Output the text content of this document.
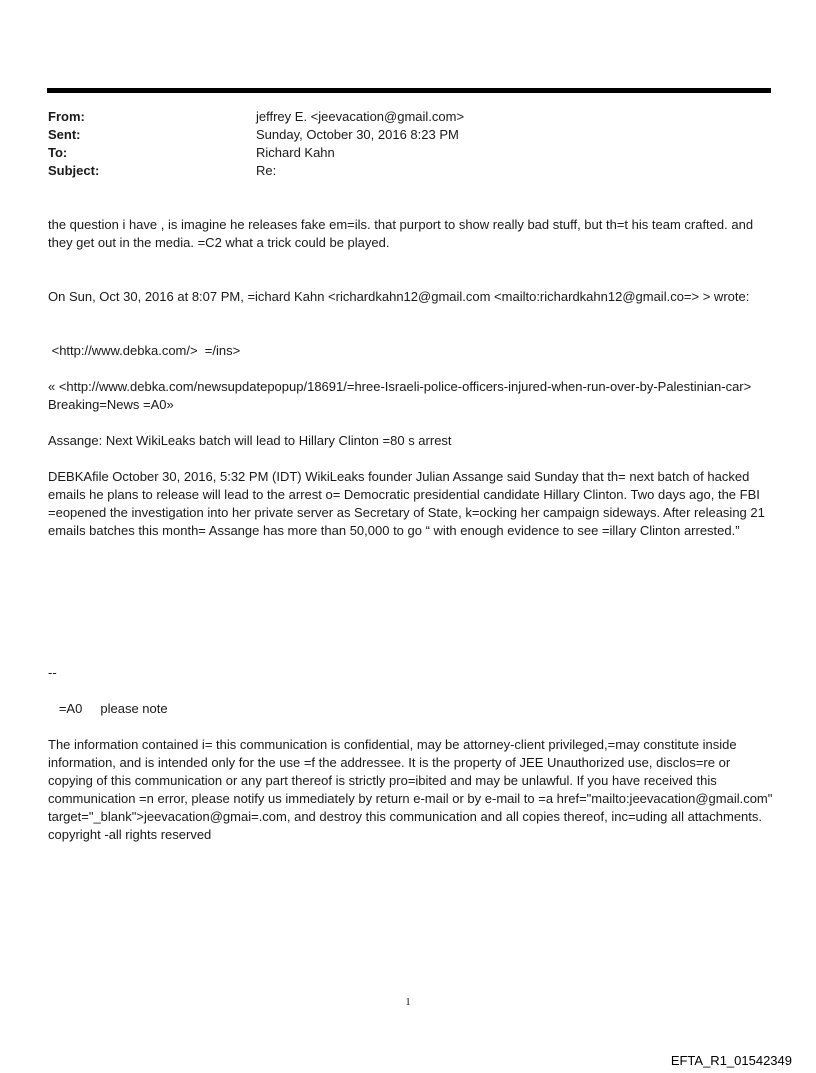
From:	jeffrey E. <jeevacation@gmail.com>
Sent:	Sunday, October 30, 2016 8:23 PM
To:	Richard Kahn
Subject:	Re:

the question i have , is imagine he releases fake em=ils. that purport to show really bad stuff, but th=t his team crafted. and they get out in the media. =C2 what a trick could be played.

On Sun, Oct 30, 2016 at 8:07 PM, =ichard Kahn <richardkahn12@gmail.com <mailto:richardkahn12@gmail.co=> > wrote:

<http://www.debka.com/>  =/ins>

« <http://www.debka.com/newsupdatepopup/18691/=hree-Israeli-police-officers-injured-when-run-over-by-Palestinian-car> Breaking=News =A0»

Assange: Next WikiLeaks batch will lead to Hillary Clinton =80 s arrest

DEBKAfile October 30, 2016, 5:32 PM (IDT) WikiLeaks founder Julian Assange said Sunday that th= next batch of hacked emails he plans to release will lead to the arrest o= Democratic presidential candidate Hillary Clinton. Two days ago, the FBI =eopened the investigation into her private server as Secretary of State, k=ocking her campaign sideways. After releasing 21 emails batches this month= Assange has more than 50,000 to go “ with enough evidence to see =illary Clinton arrested.”

--

=A0     please note

The information contained i= this communication is confidential, may be attorney-client privileged,=may constitute inside information, and is intended only for the use =f the addressee. It is the property of JEE Unauthorized use, disclos=re or copying of this communication or any part thereof is strictly pro=ibited and may be unlawful. If you have received this communication =n error, please notify us immediately by return e-mail or by e-mail to =a href="mailto:jeevacation@gmail.com" target="_blank">jeevacation@gmai=.com, and destroy this communication and all copies thereof, inc=uding all attachments. copyright -all rights reserved

1
EFTA_R1_01542349
